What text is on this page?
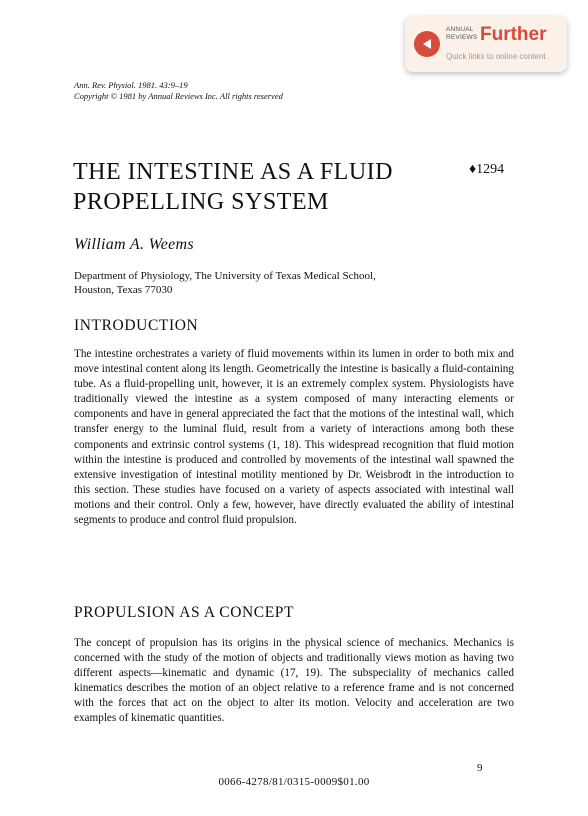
ANNUAL
REVIEWS Further
Quick links to online content
Ann. Rev. Physiol. 1981. 43:9–19
Copyright © 1981 by Annual Reviews Inc. All rights reserved
THE INTESTINE AS A FLUID PROPELLING SYSTEM
♦1294
William A. Weems
Department of Physiology, The University of Texas Medical School,
Houston, Texas 77030
INTRODUCTION

The intestine orchestrates a variety of fluid movements within its lumen in order to both mix and move intestinal content along its length. Geometrically the intestine is basically a fluid-containing tube. As a fluid-propelling unit, however, it is an extremely complex system. Physiologists have traditionally viewed the intestine as a system composed of many interacting elements or components and have in general appreciated the fact that the motions of the intestinal wall, which transfer energy to the luminal fluid, result from a variety of interactions among both these components and extrinsic control systems (1, 18). This widespread recognition that fluid motion within the intestine is produced and controlled by movements of the intestinal wall spawned the extensive investigation of intestinal motility mentioned by Dr. Weisbrodt in the introduction to this section. These studies have focused on a variety of aspects associated with intestinal wall motions and their control. Only a few, however, have directly evaluated the ability of intestinal segments to produce and control fluid propulsion.

PROPULSION AS A CONCEPT

The concept of propulsion has its origins in the physical science of mechanics. Mechanics is concerned with the study of the motion of objects and traditionally views motion as having two different aspects—kinematic and dynamic (17, 19). The subspeciality of mechanics called kinematics describes the motion of an object relative to a reference frame and is not concerned with the forces that act on the object to alter its motion. Velocity and acceleration are two examples of kinematic quantities.

9
0066-4278/81/0315-0009$01.00
